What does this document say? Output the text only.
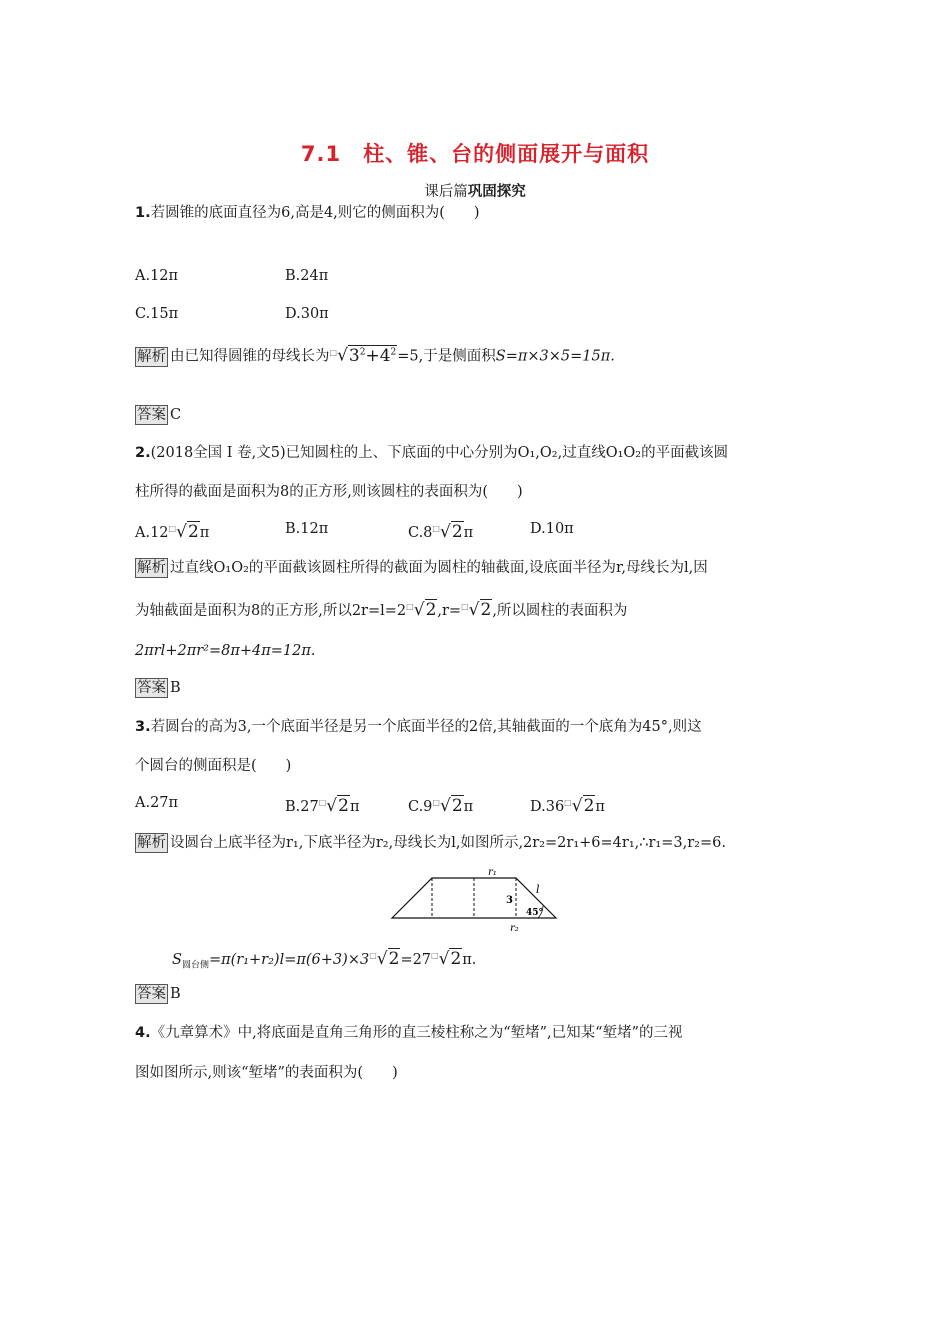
7.1 柱、锥、台的侧面展开与面积
课后篇巩固探究
1.若圆锥的底面直径为6,高是4,则它的侧面积为(　　)
A.12π	B.24π
C.15π	D.30π
解析 由已知得圆锥的母线长为$^□√3^2+4^2=5$,于是侧面积S=π×3×5=15π.
答案 C
2.(2018全国 I 卷,文5)已知圆柱的上、下底面的中心分别为O₁,O₂,过直线O₁O₂的平面截该圆
柱所得的截面是面积为8的正方形,则该圆柱的表面积为(　　)
A.12□√2π	B.12π	C.8□√2π	D.10π
解析 过直线O₁O₂的平面截该圆柱所得的截面为圆柱的轴截面,设底面半径为r,母线长为l,因
为轴截面是面积为8的正方形,所以2r=l=2□√2,r=□√2,所以圆柱的表面积为
2πrl+2πr²=8π+4π=12π.
答案 B
3.若圆台的高为3,一个底面半径是另一个底面半径的2倍,其轴截面的一个底角为45°,则这
个圆台的侧面积是(　　)
A.27π	B.27□√2π	C.9□√2π	D.36□√2π
解析 设圆台上底半径为r₁,下底半径为r₂,母线长为l,如图所示,2r₂=2r₁+6=4r₁,∴r₁=3,r₂=6.
r₁
3
l
45°
r₂
$S_{圆台侧}=\pi(r_1+r_2)l=\pi(6+3)\times 3^□√2=27^□√2\pi$.
答案 B
4.《九章算术》中,将底面是直角三角形的直三棱柱称之为“堑堵”,已知某“堑堵”的三视
图如图所示,则该“堑堵”的表面积为(　　)
